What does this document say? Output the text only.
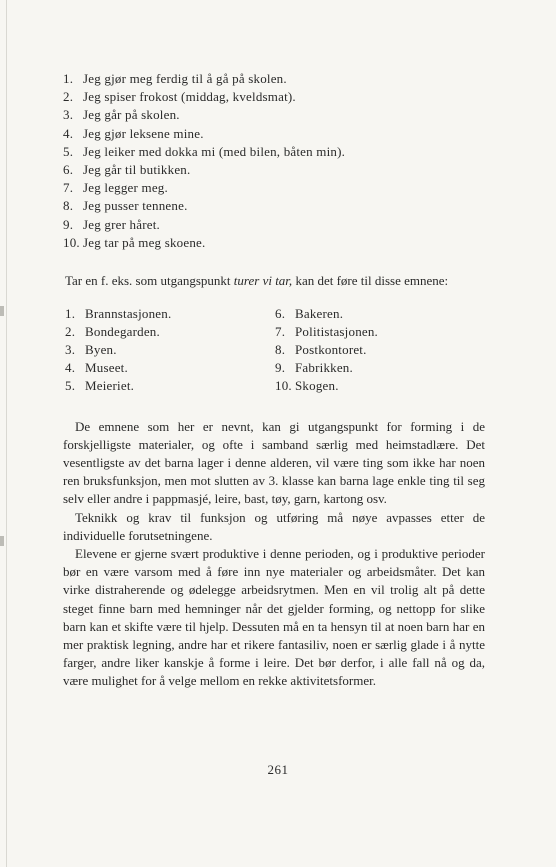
1. Jeg gjør meg ferdig til å gå på skolen.
2. Jeg spiser frokost (middag, kveldsmat).
3. Jeg går på skolen.
4. Jeg gjør leksene mine.
5. Jeg leiker med dokka mi (med bilen, båten min).
6. Jeg går til butikken.
7. Jeg legger meg.
8. Jeg pusser tennene.
9. Jeg grer håret.
10. Jeg tar på meg skoene.

Tar en f. eks. som utgangspunkt turer vi tar, kan det føre til disse emnene:

1. Brannstasjonen.
2. Bondegarden.
3. Byen.
4. Museet.
5. Meieriet.
6. Bakeren.
7. Politistasjonen.
8. Postkontoret.
9. Fabrikken.
10. Skogen.

De emnene som her er nevnt, kan gi utgangspunkt for forming i de forskjelligste materialer, og ofte i samband særlig med heimstadlære. Det vesentligste av det barna lager i denne alderen, vil være ting som ikke har noen ren bruksfunksjon, men mot slutten av 3. klasse kan barna lage enkle ting til seg selv eller andre i pappmasjé, leire, bast, tøy, garn, kartong osv.

Teknikk og krav til funksjon og utføring må nøye avpasses etter de individuelle forutsetningene.

Elevene er gjerne svært produktive i denne perioden, og i produktive perioder bør en være varsom med å føre inn nye materialer og arbeidsmåter. Det kan virke distraherende og ødelegge arbeidsrytmen. Men en vil trolig alt på dette steget finne barn med hemninger når det gjelder forming, og nettopp for slike barn kan et skifte være til hjelp. Dessuten må en ta hensyn til at noen barn har en mer praktisk legning, andre har et rikere fantasiliv, noen er særlig glade i å nytte farger, andre liker kanskje å forme i leire. Det bør derfor, i alle fall nå og da, være mulighet for å velge mellom en rekke aktivitetsformer.

261
